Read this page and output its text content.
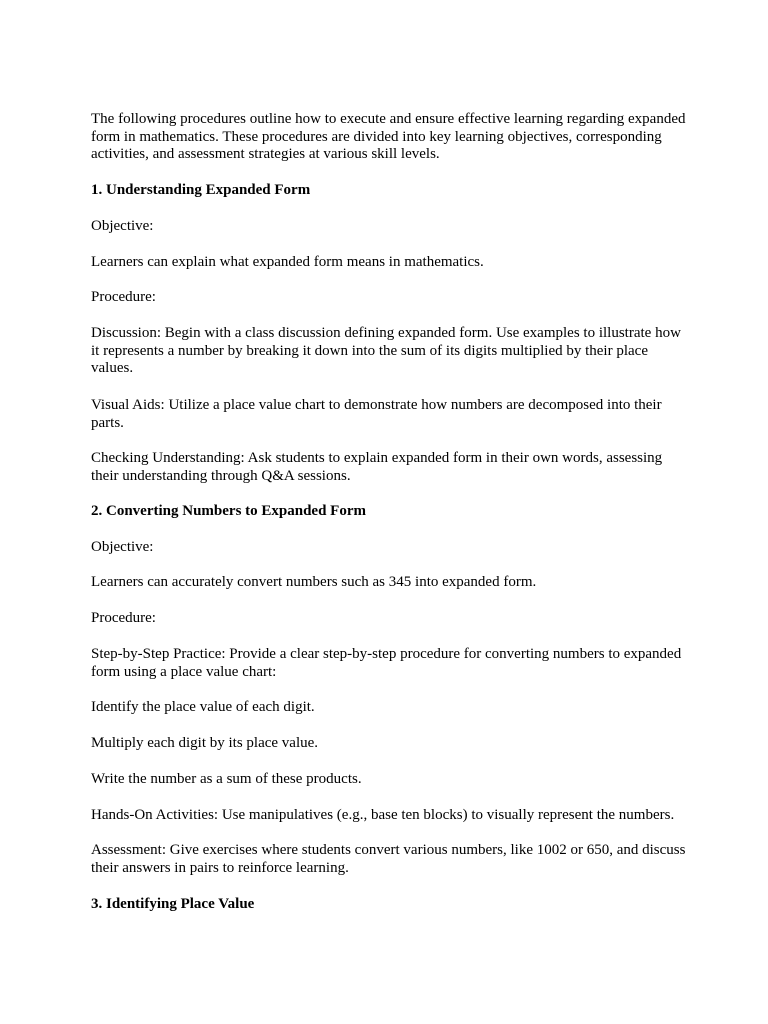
The following procedures outline how to execute and ensure effective learning regarding expanded form in mathematics. These procedures are divided into key learning objectives, corresponding activities, and assessment strategies at various skill levels.

1. Understanding Expanded Form

Objective:

Learners can explain what expanded form means in mathematics.

Procedure:

Discussion: Begin with a class discussion defining expanded form. Use examples to illustrate how it represents a number by breaking it down into the sum of its digits multiplied by their place values.

Visual Aids: Utilize a place value chart to demonstrate how numbers are decomposed into their parts.

Checking Understanding: Ask students to explain expanded form in their own words, assessing their understanding through Q&A sessions.

2. Converting Numbers to Expanded Form

Objective:

Learners can accurately convert numbers such as 345 into expanded form.

Procedure:

Step-by-Step Practice: Provide a clear step-by-step procedure for converting numbers to expanded form using a place value chart:

Identify the place value of each digit.

Multiply each digit by its place value.

Write the number as a sum of these products.

Hands-On Activities: Use manipulatives (e.g., base ten blocks) to visually represent the numbers.

Assessment: Give exercises where students convert various numbers, like 1002 or 650, and discuss their answers in pairs to reinforce learning.

3. Identifying Place Value
